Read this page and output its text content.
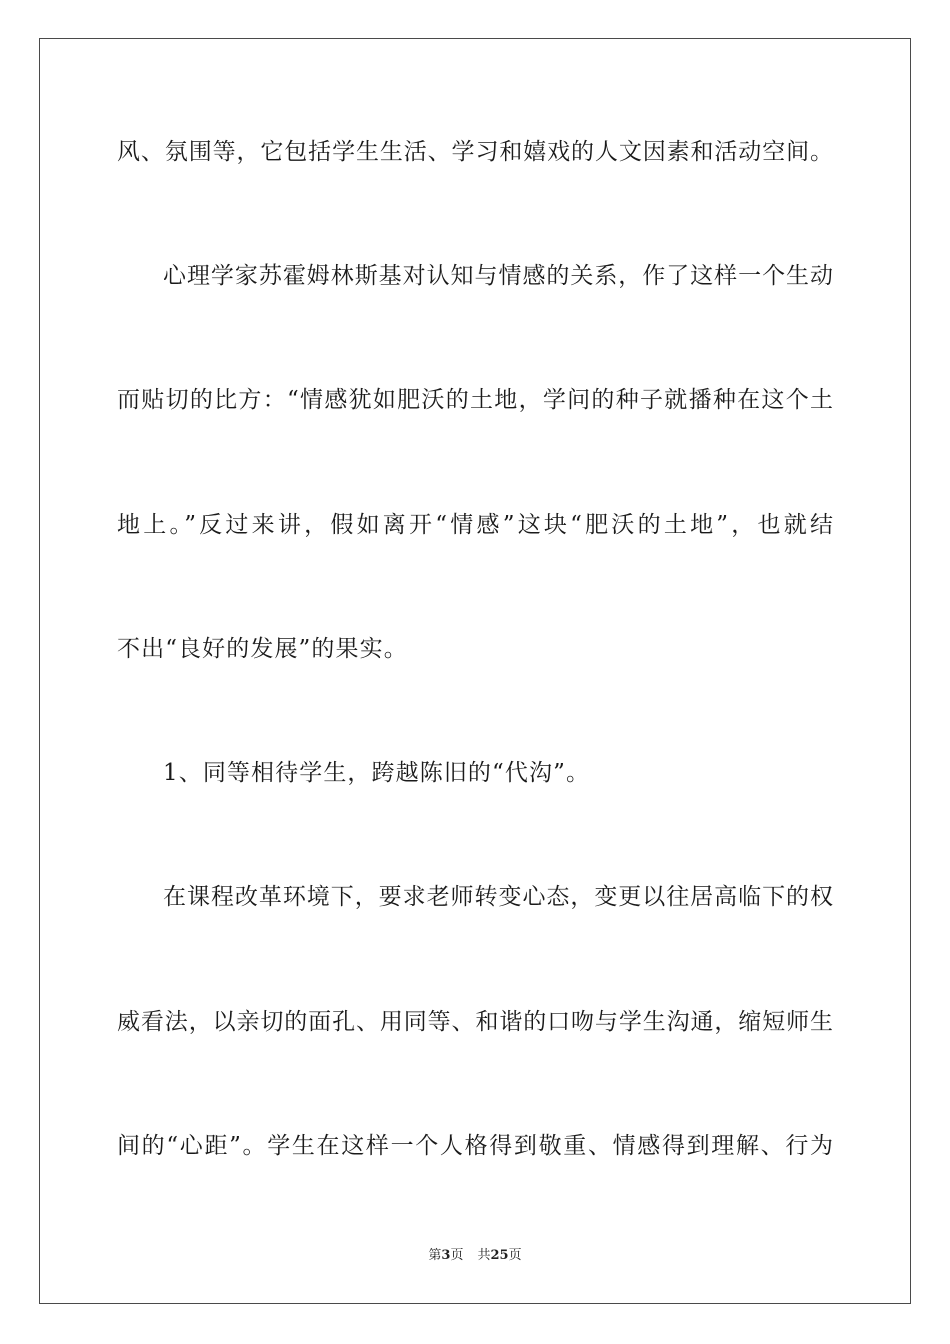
风、氛围等，它包括学生生活、学习和嬉戏的人文因素和活动空间。
心理学家苏霍姆林斯基对认知与情感的关系，作了这样一个生动
而贴切的比方：“情感犹如肥沃的土地，学问的种子就播种在这个土
地上。”反过来讲，假如离开“情感”这块“肥沃的土地”，也就结
不出“良好的发展”的果实。
1、同等相待学生，跨越陈旧的“代沟”。
在课程改革环境下，要求老师转变心态，变更以往居高临下的权
威看法，以亲切的面孔、用同等、和谐的口吻与学生沟通，缩短师生
间的“心距”。学生在这样一个人格得到敬重、情感得到理解、行为
第3页 共25页
